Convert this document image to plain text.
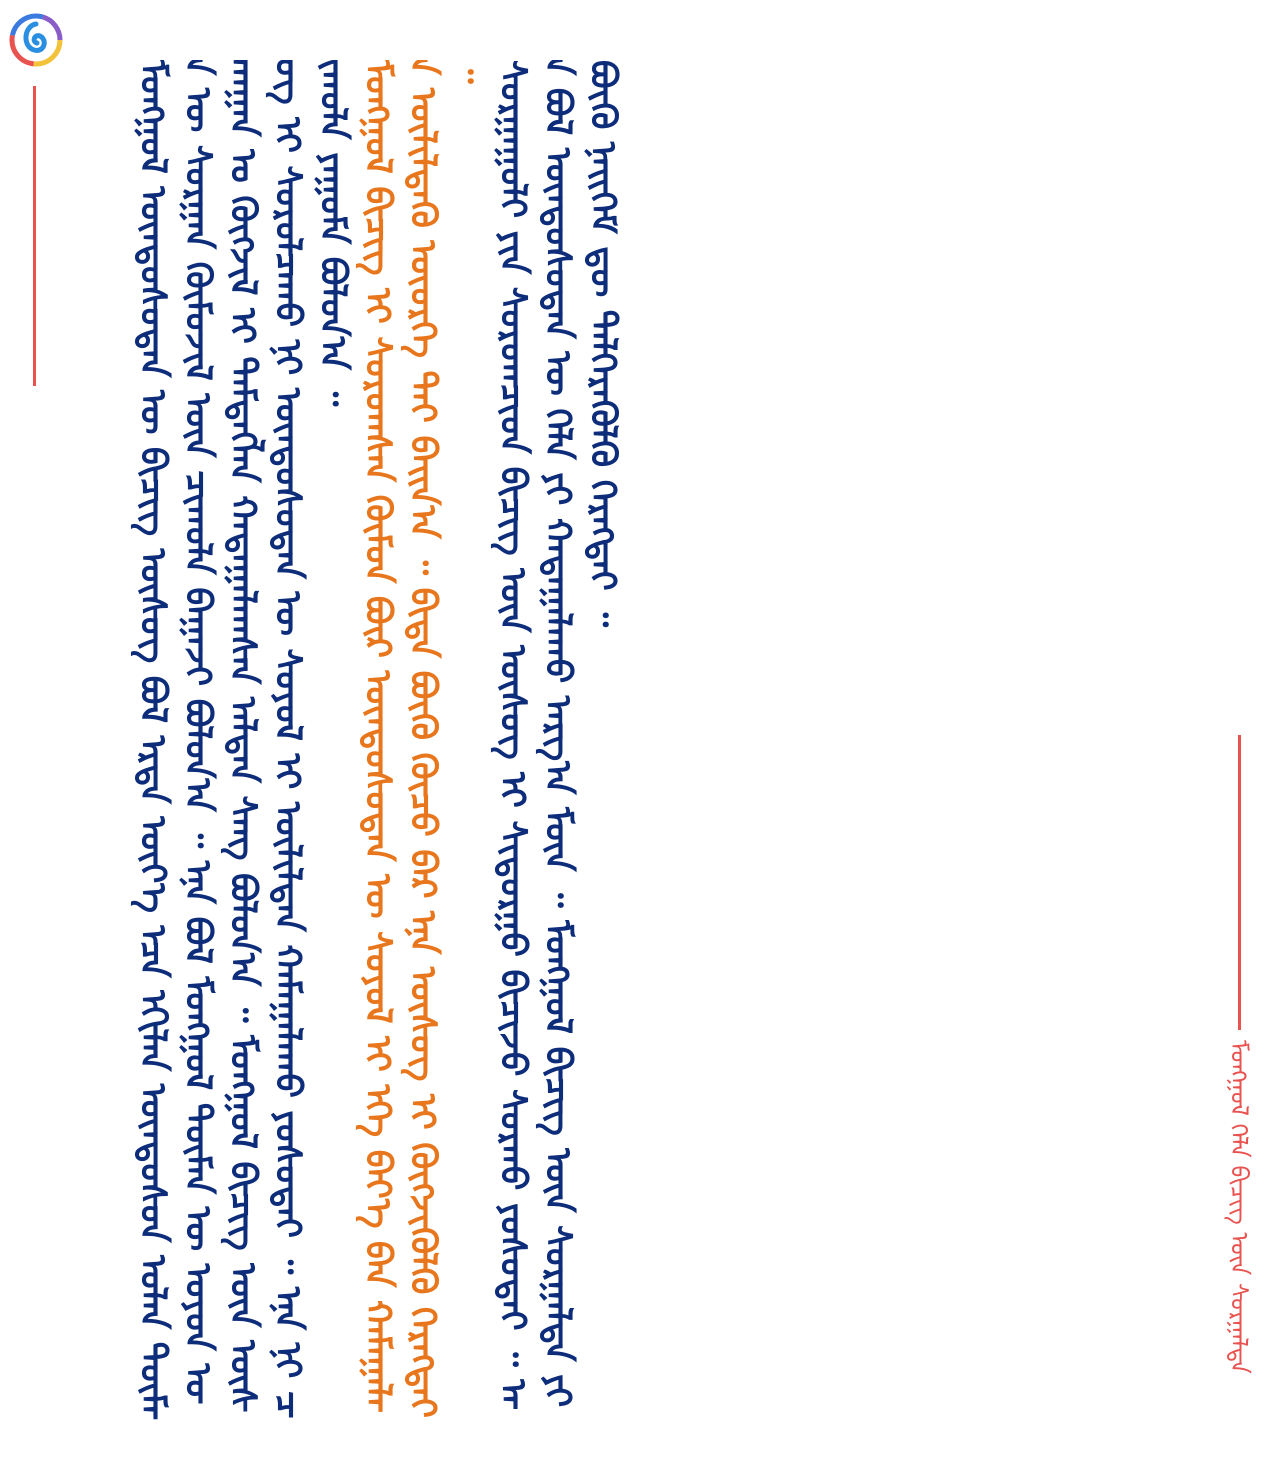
ᠮᠣᠩᠭᠣᠯ ᠬᠡᠯᠡ ᠪᠢᠴᠢᠭ ᠦᠨ ᠰᠤᠷᠭᠠᠯᠲᠠ
ᠮᠣᠩᠭᠣᠯ ᠦᠨᠳᠦᠰᠦᠲᠡᠨ ᠦ ᠪᠢᠴᠢᠭ ᠦᠰᠦᠭ ᠪᠣᠯ ᠡᠷᠲᠡ ᠦᠶ᠎ᠡ ᠡᠴᠡ ᠡᠬᠢᠯᠡᠨ ᠦᠨᠳᠦᠰᠦᠨ ᠣᠯᠠᠨ ᠲᠦᠮᠡᠨ ᠦ ᠰᠤᠷᠭᠠᠨ ᠬᠦᠮᠦᠵᠢᠯ ᠦᠨ ᠴᠢᠬᠤᠯᠠ ᠪᠠᠭᠠᠵᠢ ᠪᠣᠯᠤᠨ᠎ᠠ ᠃ ᠡᠨᠡ ᠪᠣᠯ ᠮᠣᠩᠭᠣᠯ ᠲᠦᠮᠡᠨ ᠦ ᠣᠶᠤᠨ ᠤᠬᠠᠭᠠᠨ ᠤ ᠬᠥᠭᠵᠢᠯ ᠢ ᠲᠡᠮᠳᠡᠭᠯᠡᠨ ᠬᠠᠳᠠᠭᠠᠯᠠᠭᠰᠠᠨ ᠠᠯᠲᠠᠨ ᠰᠠᠩ ᠪᠣᠯᠤᠨ᠎ᠠ ᠃ ᠮᠣᠩᠭᠣᠯ ᠪᠢᠴᠢᠭ ᠦᠨ ᠦᠰᠦᠭ ᠢ ᠰᠤᠷᠤᠯᠴᠠᠬᠤ ᠨᠢ ᠦᠨᠳᠦᠰᠦᠲᠡᠨ ᠦ ᠰᠣᠶᠣᠯ ᠢ ᠦᠯᠢᠯᠳᠡᠨ ᠬᠠᠮᠠᠭᠠᠯᠠᠬᠤ ᠶᠣᠰᠣᠲᠠᠢ ᠃ ᠡᠨᠡ ᠨᠢ ᠴᠢᠬᠤᠯᠠ ᠶᠠᠭᠤᠮᠠ ᠪᠣᠯᠤᠨ᠎ᠠ ᠃ ᠮᠣᠩᠭᠣᠯ ᠪᠢᠴᠢᠭ ᠢ ᠰᠤᠷᠤᠭᠰᠠᠨ ᠬᠦᠮᠦᠨ ᠪᠦᠷ ᠦᠨᠳᠦᠰᠦᠲᠡᠨ ᠦ ᠰᠣᠶᠣᠯ ᠢ ᠡᠬᠡ ᠪᠡᠶ᠎ᠡ ᠪᠡᠨ ᠬᠠᠮᠠᠭᠠᠯᠠᠨ ᠦᠯᠢᠯᠳᠡᠬᠦ ᠦᠦᠷᠭᠡ ᠲᠠᠢ ᠪᠠᠢᠨ᠎ᠠ ᠃ ᠪᠢᠳᠡ ᠪᠦᠬᠦ ᠬᠦᠴᠦ ᠪᠡᠷ ᠡᠨᠡ ᠦᠰᠦᠭ ᠢ ᠬᠥᠭᠵᠢᠭᠦᠯᠬᠦ ᠬᠡᠷᠡᠭᠲᠡᠢ ᠃ ᠰᠤᠷᠭᠠᠭᠤᠯᠢ ᠶᠢᠨ ᠰᠤᠷᠤᠭᠴᠢᠳ ᠪᠢᠴᠢᠭ ᠦᠨ ᠦᠰᠦᠭ ᠢ ᠰᠢᠳᠤᠷᠭᠤ ᠪᠢᠴᠢᠵᠦ ᠰᠤᠷᠬᠤ ᠶᠣᠰᠣᠲᠠᠢ ᠃ ᠡᠨᠡ ᠪᠣᠯ ᠦᠨᠳᠦᠰᠦᠲᠡᠨ ᠦ ᠬᠡᠯᠡ ᠶᠢ ᠬᠠᠳᠠᠭᠠᠯᠠᠬᠤ ᠠᠷᠭ᠎ᠠ ᠮᠦᠨ ᠃ ᠮᠣᠩᠭᠣᠯ ᠪᠢᠴᠢᠭ ᠦᠨ ᠰᠤᠷᠭᠠᠯᠲᠠ ᠶᠢ ᠪᠦᠬᠦ ᠨᠡᠢᠭᠡᠮ ᠳᠦ ᠳᠡᠯᠭᠡᠷᠡᠭᠦᠯᠬᠦ ᠬᠡᠷᠡᠭᠲᠡᠢ ᠃
